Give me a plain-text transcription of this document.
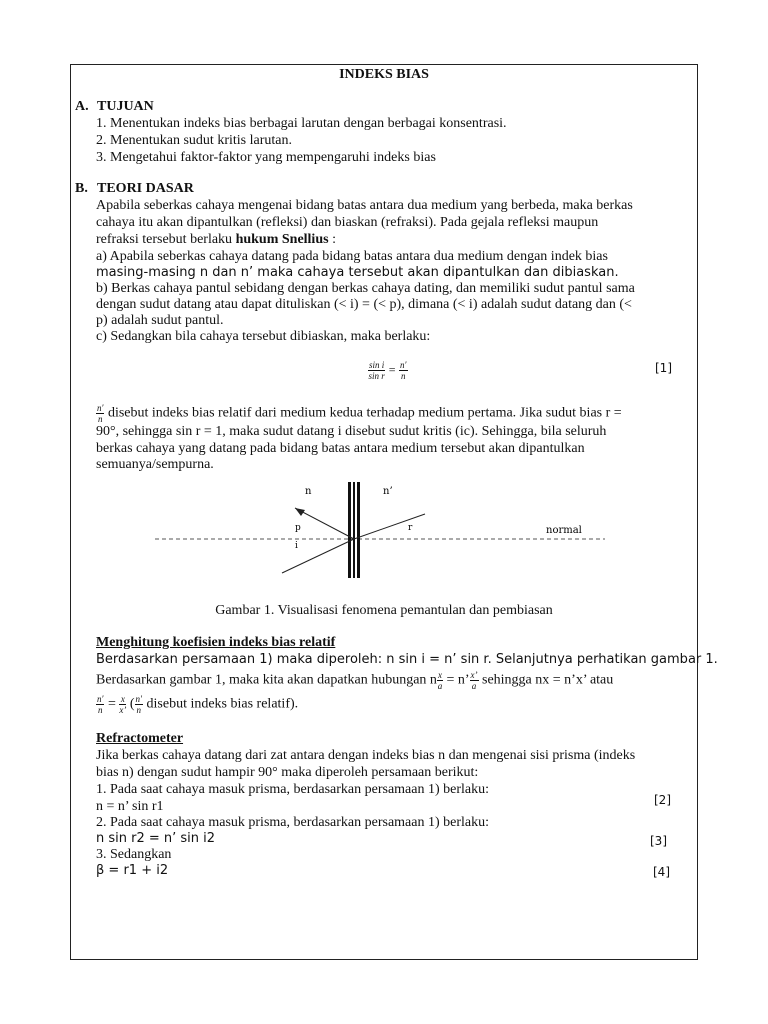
INDEKS BIAS
A. TUJUAN
1. Menentukan indeks bias berbagai larutan dengan berbagai konsentrasi.
2. Menentukan sudut kritis larutan.
3. Mengetahui faktor-faktor yang mempengaruhi indeks bias
B. TEORI DASAR
Apabila seberkas cahaya mengenai bidang batas antara dua medium yang berbeda, maka berkas
cahaya itu akan dipantulkan (refleksi) dan biaskan (refraksi). Pada gejala refleksi maupun
refraksi tersebut berlaku hukum Snellius :
a) Apabila seberkas cahaya datang pada bidang batas antara dua medium dengan indek bias
masing-masing n dan n’ maka cahaya tersebut akan dipantulkan dan dibiaskan.
b) Berkas cahaya pantul sebidang dengan berkas cahaya dating, dan memiliki sudut pantul sama
dengan sudut datang atau dapat dituliskan (< i) = (< p), dimana (< i) adalah sudut datang dan (<
p) adalah sudut pantul.
c) Sedangkan bila cahaya tersebut dibiaskan, maka berlaku:
$\frac{\text{sin i}}{\text{sin r}} = \frac{n'}{n}$	[1]
$\frac{n'}{n}$ disebut indeks bias relatif dari medium kedua terhadap medium pertama. Jika sudut bias r =
90°, sehingga sin r = 1, maka sudut datang i disebut sudut kritis (ic). Sehingga, bila seluruh
berkas cahaya yang datang pada bidang batas antara medium tersebut akan dipantulkan
semuanya/sempurna.
n	n’
p
i
r	normal
Gambar 1. Visualisasi fenomena pemantulan dan pembiasan
Menghitung koefisien indeks bias relatif
Berdasarkan persamaan 1) maka diperoleh: n sin i = n’ sin r. Selanjutnya perhatikan gambar 1.
Berdasarkan gambar 1, maka kita akan dapatkan hubungan n $\frac{x}{a} = n$’ $\frac{x’}{a}$ sehingga nx = n’x’ atau
$\frac{n'}{n} = \frac{x}{x’}$ ( $\frac{n'}{n}$ disebut indeks bias relatif).
Refractometer
Jika berkas cahaya datang dari zat antara dengan indeks bias n dan mengenai sisi prisma (indeks
bias n) dengan sudut hampir 90° maka diperoleh persamaan berikut:
1. Pada saat cahaya masuk prisma, berdasarkan persamaan 1) berlaku:
n = n’ sin r1	[2]
2. Pada saat cahaya masuk prisma, berdasarkan persamaan 1) berlaku:
n sin r2 = n’ sin i2	[3]
3. Sedangkan
β = r1 + i2	[4]
